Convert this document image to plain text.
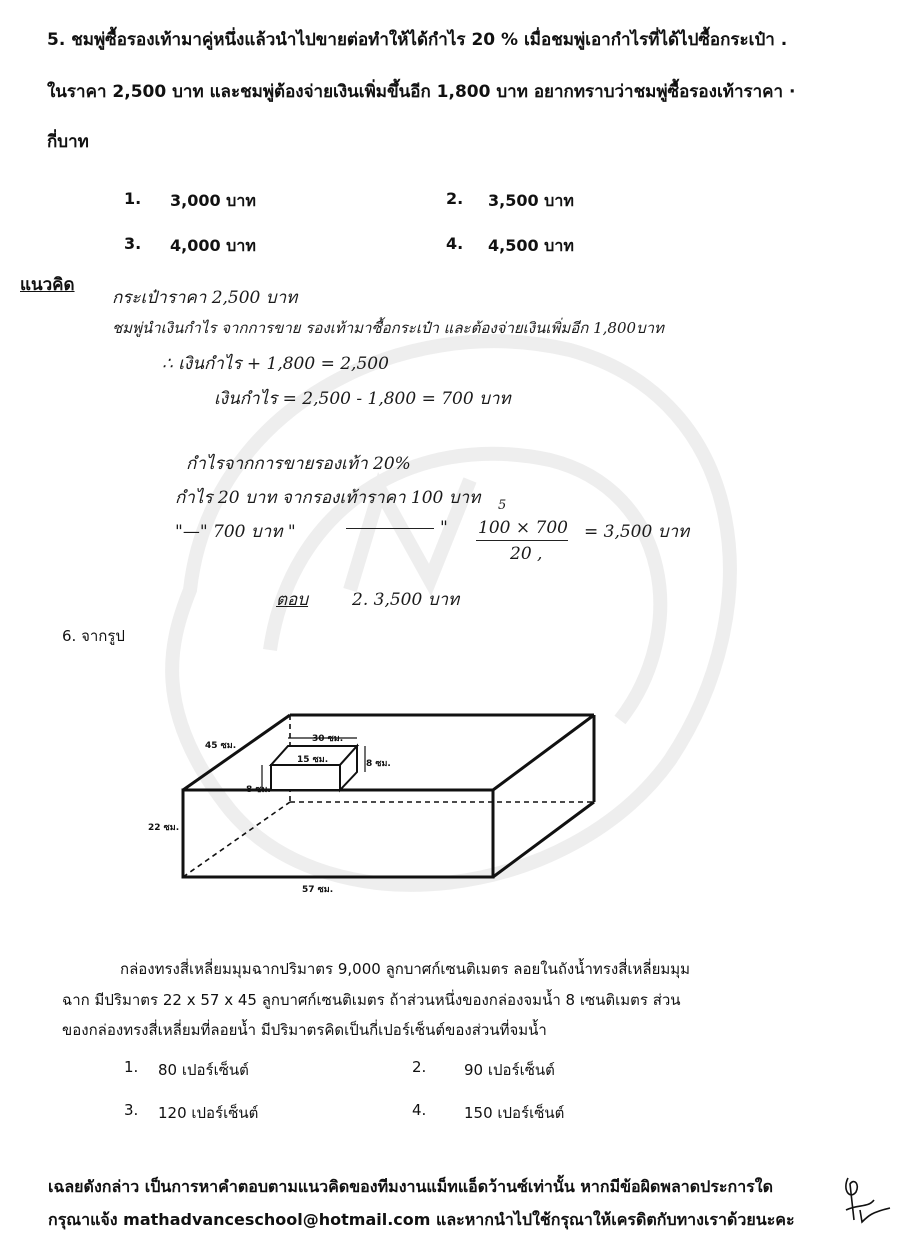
5. ชมพู่ซื้อรองเท้ามาคู่หนึ่งแล้วนำไปขายต่อทำให้ได้กำไร 20 % เมื่อชมพู่เอากำไรที่ได้ไปซื้อกระเป๋า .
ในราคา 2,500 บาท และชมพู่ต้องจ่ายเงินเพิ่มขึ้นอีก 1,800 บาท อยากทราบว่าชมพู่ซื้อรองเท้าราคา ·
กี่บาท
1. 3,000 บาท	2. 3,500 บาท
3. 4,000 บาท	4. 4,500 บาท
แนวคิด
กระเป๋าราคา 2,500 บาท
ชมพู่นำเงินกำไร จากการขาย รองเท้ามาซื้อกระเป๋า และต้องจ่ายเงินเพิ่มอีก 1,800บาท
∴ เงินกำไร + 1,800 = 2,500
เงินกำไร = 2,500 - 1,800 = 700 บาท
กำไรจากการขายรองเท้า 20%
กำไร 20 บาท จากรองเท้าราคา 100 บาท
"—" 700 บาท "	"
5
100 × 700
20 ,
= 3,500 บาท
ตอบ	2. 3,500 บาท
6. จากรูป
45 ซม.
30 ซม.
15 ซม.	8 ซม.
8 ซม.
22 ซม.
57 ซม.
กล่องทรงสี่เหลี่ยมมุมฉากปริมาตร 9,000 ลูกบาศก์เซนติเมตร ลอยในถังน้ำทรงสี่เหลี่ยมมุม
ฉาก มีปริมาตร 22 x 57 x 45 ลูกบาศก์เซนติเมตร ถ้าส่วนหนึ่งของกล่องจมน้ำ 8 เซนติเมตร ส่วน
ของกล่องทรงสี่เหลี่ยมที่ลอยน้ำ มีปริมาตรคิดเป็นกี่เปอร์เซ็นต์ของส่วนที่จมน้ำ
1. 80 เปอร์เซ็นต์	2.	90 เปอร์เซ็นต์
3. 120 เปอร์เซ็นต์	4.	150 เปอร์เซ็นต์
เฉลยดังกล่าว เป็นการหาคำตอบตามแนวคิดของทีมงานแม็ทแอ็ดว้านซ์เท่านั้น หากมีข้อผิดพลาดประการใด
กรุณาแจ้ง mathadvanceschool@hotmail.com และหากนำไปใช้กรุณาให้เครดิตกับทางเราด้วยนะคะ
